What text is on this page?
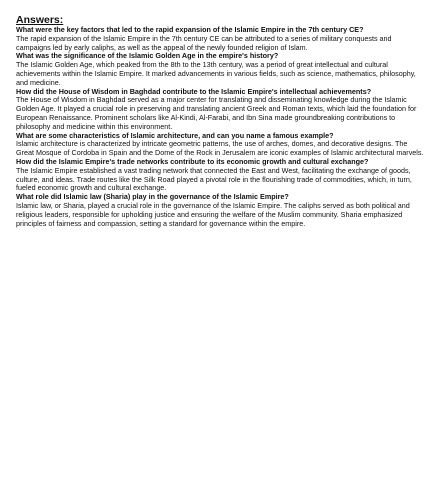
Answers:

What were the key factors that led to the rapid expansion of the Islamic Empire in the 7th century CE?

The rapid expansion of the Islamic Empire in the 7th century CE can be attributed to a series of military conquests and campaigns led by early caliphs, as well as the appeal of the newly founded religion of Islam.

What was the significance of the Islamic Golden Age in the empire's history?

The Islamic Golden Age, which peaked from the 8th to the 13th century, was a period of great intellectual and cultural achievements within the Islamic Empire. It marked advancements in various fields, such as science, mathematics, philosophy, and medicine.

How did the House of Wisdom in Baghdad contribute to the Islamic Empire's intellectual achievements?

The House of Wisdom in Baghdad served as a major center for translating and disseminating knowledge during the Islamic Golden Age. It played a crucial role in preserving and translating ancient Greek and Roman texts, which laid the foundation for European Renaissance. Prominent scholars like Al-Kindi, Al-Farabi, and Ibn Sina made groundbreaking contributions to philosophy and medicine within this environment.

What are some characteristics of Islamic architecture, and can you name a famous example?

Islamic architecture is characterized by intricate geometric patterns, the use of arches, domes, and decorative designs. The Great Mosque of Cordoba in Spain and the Dome of the Rock in Jerusalem are iconic examples of Islamic architectural marvels.

How did the Islamic Empire's trade networks contribute to its economic growth and cultural exchange?

The Islamic Empire established a vast trading network that connected the East and West, facilitating the exchange of goods, culture, and ideas. Trade routes like the Silk Road played a pivotal role in the flourishing trade of commodities, which, in turn, fueled economic growth and cultural exchange.

What role did Islamic law (Sharia) play in the governance of the Islamic Empire?

Islamic law, or Sharia, played a crucial role in the governance of the Islamic Empire. The caliphs served as both political and religious leaders, responsible for upholding justice and ensuring the welfare of the Muslim community. Sharia emphasized principles of fairness and compassion, setting a standard for governance within the empire.
